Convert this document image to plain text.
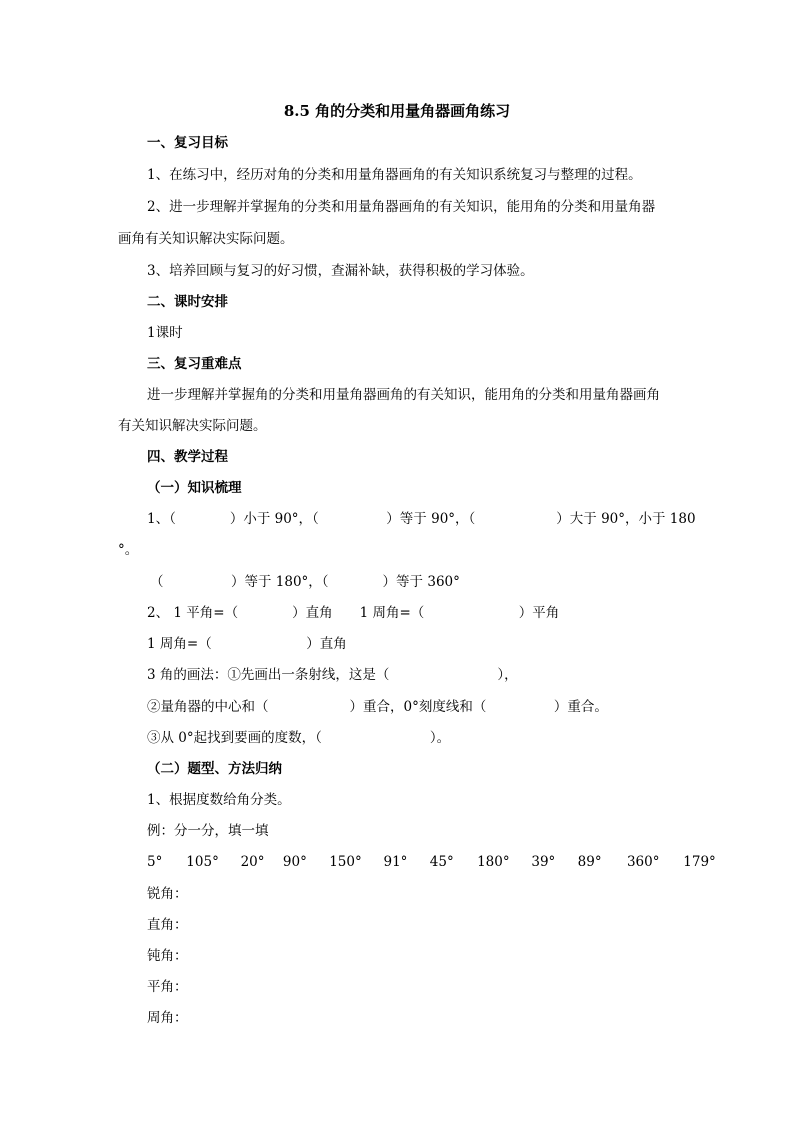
8.5 角的分类和用量角器画角练习
一、复习目标
1、在练习中，经历对角的分类和用量角器画角的有关知识系统复习与整理的过程。
2、进一步理解并掌握角的分类和用量角器画角的有关知识，能用角的分类和用量角器
画角有关知识解决实际问题。
3、培养回顾与复习的好习惯，查漏补缺，获得积极的学习体验。
二、课时安排
1课时
三、复习重难点
进一步理解并掌握角的分类和用量角器画角的有关知识，能用角的分类和用量角器画角
有关知识解决实际问题。
四、教学过程
（一）知识梳理
1、（　　　　）小于 90°，（　　　　　）等于 90°，（　　　　　　）大于 90°，小于 180
°。
（　　　　　）等于 180°，（　　　　）等于 360°
2、 1 平角=（　　　　）直角　　1 周角=（　　　　　　　）平角
1 周角=（　　　　　　　）直角
3 角的画法：①先画出一条射线，这是（　　　　　　　　），
②量角器的中心和（　　　　　　）重合，0°刻度线和（　　　　　）重合。
③从 0°起找到要画的度数，（　　　　　　　　）。
（二）题型、方法归纳
1、根据度数给角分类。
例：分一分，填一填
5° 105° 20° 90° 150° 91° 45° 180° 39° 89° 360° 179°
锐角：
直角：
钝角：
平角：
周角：
